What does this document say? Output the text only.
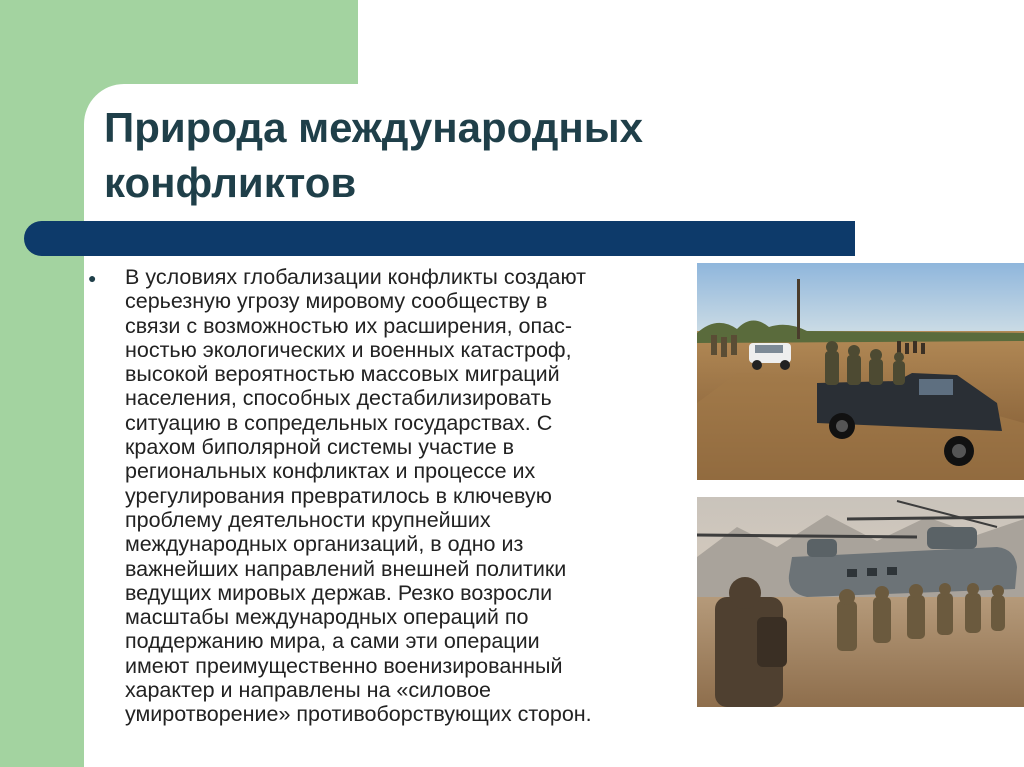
Природа международных
конфликтов
● В условиях глобализации конфликты создают
серьезную угрозу мировому сообществу в
связи с возможностью их расширения, опас-
ностью экологических и военных катастроф,
высокой вероятностью массовых миграций
населения, способных дестабилизировать
ситуацию в сопредельных государствах. С
крахом биполярной системы участие в
региональных конфликтах и процессе их
урегулирования превратилось в ключевую
проблему деятельности крупнейших
международных организаций, в одно из
важнейших направлений внешней политики
ведущих мировых держав. Резко возросли
масштабы международных операций по
поддержанию мира, а сами эти операции
имеют преимущественно военизированный
характер и направлены на «силовое
умиротворение» противоборствующих сторон.
